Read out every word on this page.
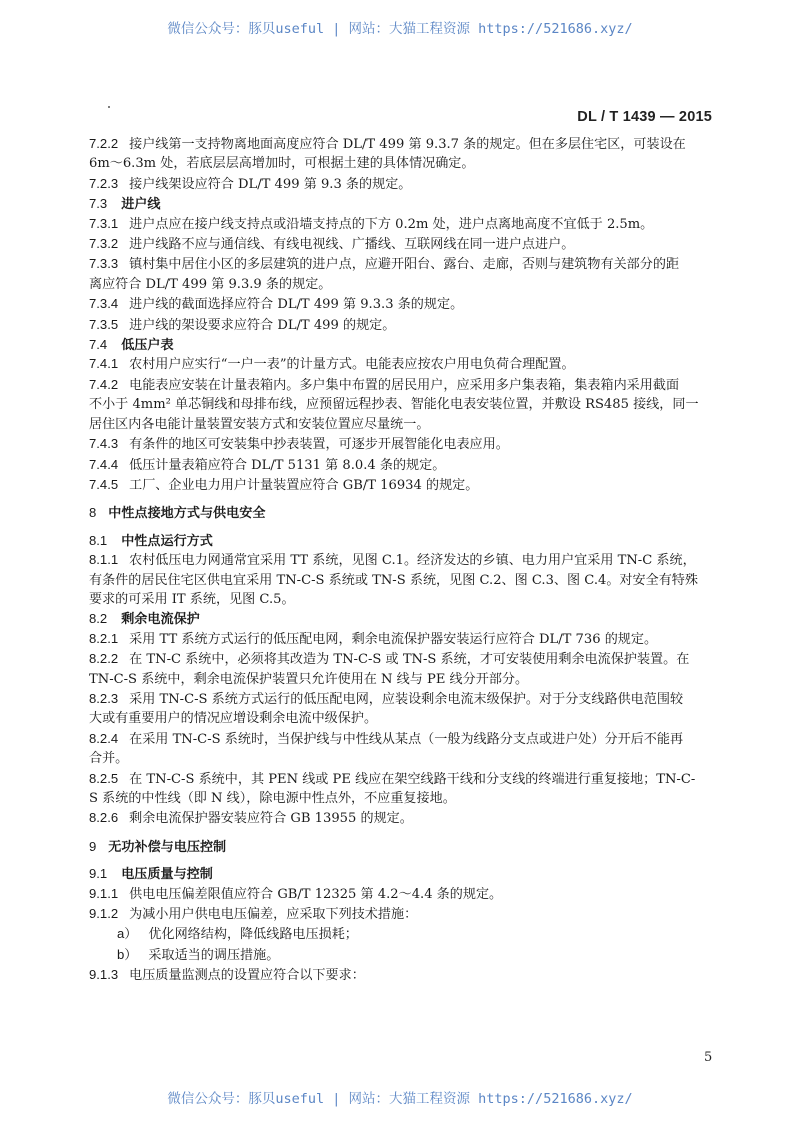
微信公众号：豚贝useful | 网站：大猫工程资源 https://521686.xyz/
DL / T 1439 — 2015
7.2.2 接户线第一支持物离地面高度应符合 DL/T 499 第 9.3.7 条的规定。但在多层住宅区，可装设在
6m～6.3m 处，若底层层高增加时，可根据土建的具体情况确定。
7.2.3 接户线架设应符合 DL/T 499 第 9.3 条的规定。
7.3 进户线
7.3.1 进户点应在接户线支持点或沿墙支持点的下方 0.2m 处，进户点离地高度不宜低于 2.5m。
7.3.2 进户线路不应与通信线、有线电视线、广播线、互联网线在同一进户点进户。
7.3.3 镇村集中居住小区的多层建筑的进户点，应避开阳台、露台、走廊，否则与建筑物有关部分的距
离应符合 DL/T 499 第 9.3.9 条的规定。
7.3.4 进户线的截面选择应符合 DL/T 499 第 9.3.3 条的规定。
7.3.5 进户线的架设要求应符合 DL/T 499 的规定。
7.4 低压户表
7.4.1 农村用户应实行“一户一表”的计量方式。电能表应按农户用电负荷合理配置。
7.4.2 电能表应安装在计量表箱内。多户集中布置的居民用户，应采用多户集表箱，集表箱内采用截面
不小于 4mm² 单芯铜线和母排布线，应预留远程抄表、智能化电表安装位置，并敷设 RS485 接线，同一
居住区内各电能计量装置安装方式和安装位置应尽量统一。
7.4.3 有条件的地区可安装集中抄表装置，可逐步开展智能化电表应用。
7.4.4 低压计量表箱应符合 DL/T 5131 第 8.0.4 条的规定。
7.4.5 工厂、企业电力用户计量装置应符合 GB/T 16934 的规定。
8 中性点接地方式与供电安全
8.1 中性点运行方式
8.1.1 农村低压电力网通常宜采用 TT 系统，见图 C.1。经济发达的乡镇、电力用户宜采用 TN-C 系统，
有条件的居民住宅区供电宜采用 TN-C-S 系统或 TN-S 系统，见图 C.2、图 C.3、图 C.4。对安全有特殊
要求的可采用 IT 系统，见图 C.5。
8.2 剩余电流保护
8.2.1 采用 TT 系统方式运行的低压配电网，剩余电流保护器安装运行应符合 DL/T 736 的规定。
8.2.2 在 TN-C 系统中，必须将其改造为 TN-C-S 或 TN-S 系统，才可安装使用剩余电流保护装置。在
TN-C-S 系统中，剩余电流保护装置只允许使用在 N 线与 PE 线分开部分。
8.2.3 采用 TN-C-S 系统方式运行的低压配电网，应装设剩余电流末级保护。对于分支线路供电范围较
大或有重要用户的情况应增设剩余电流中级保护。
8.2.4 在采用 TN-C-S 系统时，当保护线与中性线从某点（一般为线路分支点或进户处）分开后不能再
合并。
8.2.5 在 TN-C-S 系统中，其 PEN 线或 PE 线应在架空线路干线和分支线的终端进行重复接地；TN-C-
S 系统的中性线（即 N 线），除电源中性点外，不应重复接地。
8.2.6 剩余电流保护器安装应符合 GB 13955 的规定。
9 无功补偿与电压控制
9.1 电压质量与控制
9.1.1 供电电压偏差限值应符合 GB/T 12325 第 4.2～4.4 条的规定。
9.1.2 为减小用户供电电压偏差，应采取下列技术措施：
a） 优化网络结构，降低线路电压损耗；
b） 采取适当的调压措施。
9.1.3 电压质量监测点的设置应符合以下要求：
5
微信公众号：豚贝useful | 网站：大猫工程资源 https://521686.xyz/
